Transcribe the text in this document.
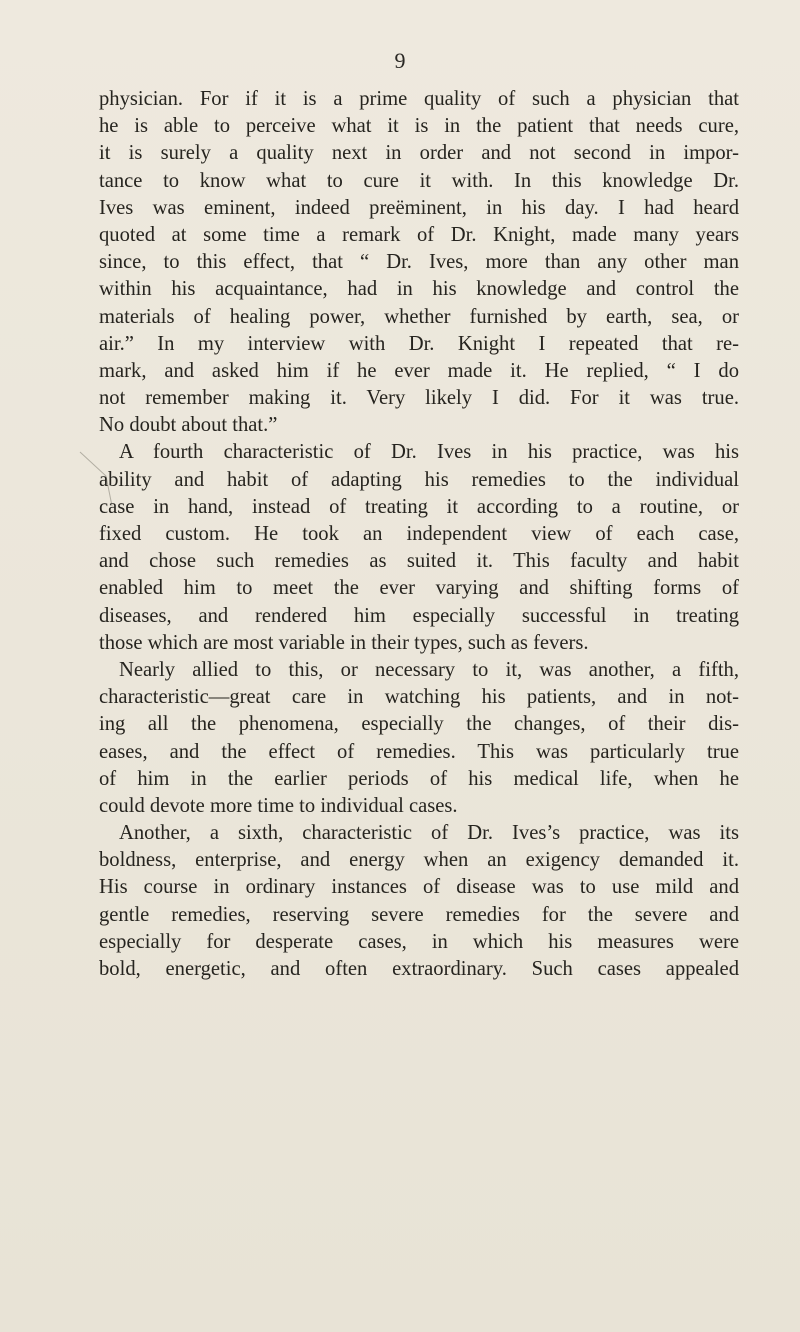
9
physician. For if it is a prime quality of such a physician that
he is able to perceive what it is in the patient that needs cure,
it is surely a quality next in order and not second in impor-
tance to know what to cure it with. In this knowledge Dr.
Ives was eminent, indeed preëminent, in his day. I had heard
quoted at some time a remark of Dr. Knight, made many years
since, to this effect, that “ Dr. Ives, more than any other man
within his acquaintance, had in his knowledge and control the
materials of healing power, whether furnished by earth, sea, or
air.” In my interview with Dr. Knight I repeated that re-
mark, and asked him if he ever made it. He replied, “ I do
not remember making it. Very likely I did. For it was true.
No doubt about that.”
A fourth characteristic of Dr. Ives in his practice, was his
ability and habit of adapting his remedies to the individual
case in hand, instead of treating it according to a routine, or
fixed custom. He took an independent view of each case,
and chose such remedies as suited it. This faculty and habit
enabled him to meet the ever varying and shifting forms of
diseases, and rendered him especially successful in treating
those which are most variable in their types, such as fevers.
Nearly allied to this, or necessary to it, was another, a fifth,
characteristic—great care in watching his patients, and in not-
ing all the phenomena, especially the changes, of their dis-
eases, and the effect of remedies. This was particularly true
of him in the earlier periods of his medical life, when he
could devote more time to individual cases.
Another, a sixth, characteristic of Dr. Ives’s practice, was its
boldness, enterprise, and energy when an exigency demanded it.
His course in ordinary instances of disease was to use mild and
gentle remedies, reserving severe remedies for the severe and
especially for desperate cases, in which his measures were
bold, energetic, and often extraordinary. Such cases appealed
